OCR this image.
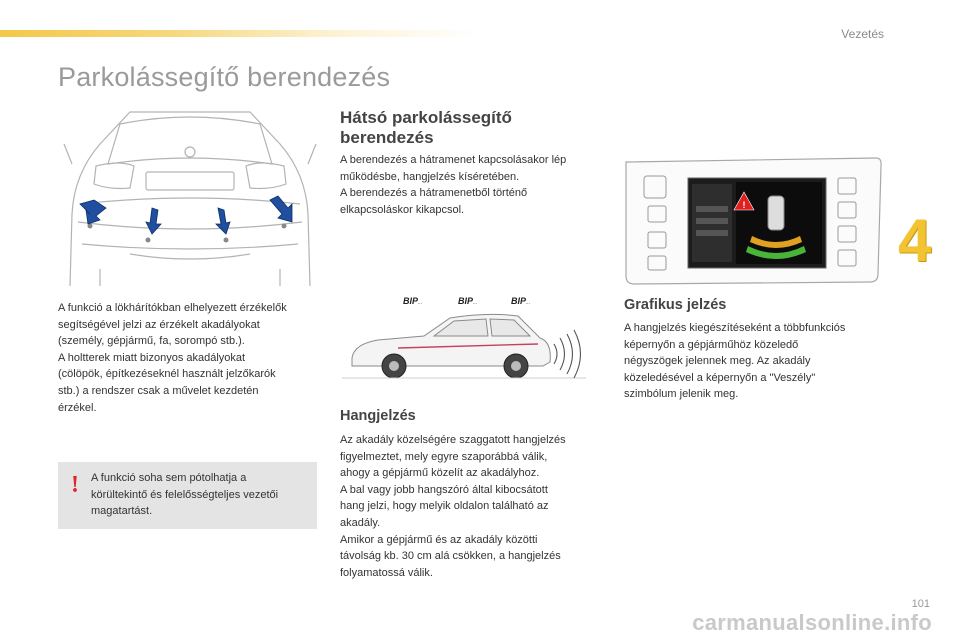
Vezetés
Parkolássegítő berendezés
4

A funkció a lökhárítókban elhelyezett érzékelők
segítségével jelzi az érzékelt akadályokat
(személy, gépjármű, fa, sorompó stb.).
A holtterek miatt bizonyos akadályokat
(cölöpök, építkezéseknél használt jelzőkarók
stb.) a rendszer csak a művelet kezdetén
érzékel.

! A funkció soha sem pótolhatja a
körültekintő és felelősségteljes vezetői
magatartást.
Hátsó parkolássegítő
berendezés

A berendezés a hátramenet kapcsolásakor lép
működésbe, hangjelzés kíséretében.
A berendezés a hátramenetből történő
elkapcsoláskor kikapcsol.

BIP...	BIP...	BIP...
Hangjelzés

Az akadály közelségére szaggatott hangjelzés
figyelmeztet, mely egyre szaporábbá válik,
ahogy a gépjármű közelít az akadályhoz.
A bal vagy jobb hangszóró által kibocsátott
hang jelzi, hogy melyik oldalon található az
akadály.
Amikor a gépjármű és az akadály közötti
távolság kb. 30 cm alá csökken, a hangjelzés
folyamatossá válik.

!
Grafikus jelzés

A hangjelzés kiegészítéseként a többfunkciós
képernyőn a gépjárműhöz közeledő
négyszögek jelennek meg. Az akadály
közeledésével a képernyőn a "Veszély"
szimbólum jelenik meg.

101
carmanualsonline.info
